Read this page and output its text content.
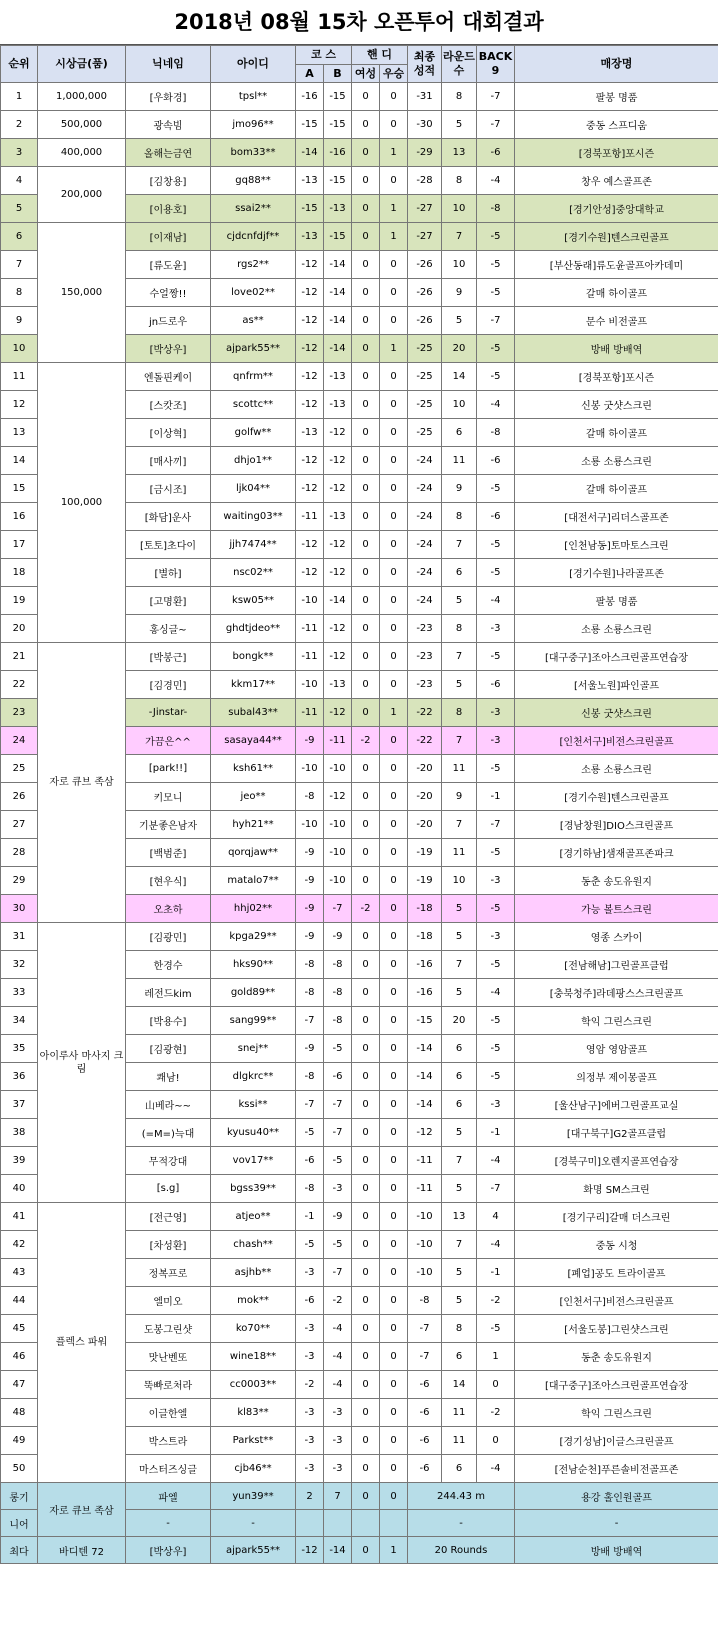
2018년 08월 15차 오픈투어 대회결과
순위	시상금(품)	닉네임	아이디	코 스		핸 디		최종 성적	라운드 수	BACK 9	매장명
				A	B	여성	우승				
1	1,000,000	[우화경]	tpsl**	-16	-15	0	0	-31	8	-7	팔봉 명품
2	500,000	광속빔	jmo96**	-15	-15	0	0	-30	5	-7	중동 스프디움
3	400,000	올해는금연	bom33**	-14	-16	0	1	-29	13	-6	[경북포항]포시즌
4	200,000	[김창용]	gq88**	-13	-15	0	0	-28	8	-4	창우 예스골프존
5		[이용호]	ssai2**	-15	-13	0	1	-27	10	-8	[경기안성]중앙대학교
6	150,000	[이재남]	cjdcnfdjf**	-13	-15	0	1	-27	7	-5	[경기수원]텐스크린골프
7		[류도윤]	rgs2**	-12	-14	0	0	-26	10	-5	[부산동래]류도윤골프아카데미
8		수얼짱!!	love02**	-12	-14	0	0	-26	9	-5	갈매 하이골프
9		jn드로우	as**	-12	-14	0	0	-26	5	-7	문수 비전골프
10		[박상우]	ajpark55**	-12	-14	0	1	-25	20	-5	방배 방배역
11	100,000	엔돌핀케이	qnfrm**	-12	-13	0	0	-25	14	-5	[경북포항]포시즌
12		[스캇조]	scottc**	-12	-13	0	0	-25	10	-4	신봉 굿샷스크린
13		[이상혁]	golfw**	-13	-12	0	0	-25	6	-8	갈매 하이골프
14		[매사끼]	dhjo1**	-12	-12	0	0	-24	11	-6	소룡 소룡스크린
15		[금시조]	ljk04**	-12	-12	0	0	-24	9	-5	갈매 하이골프
16		[화담]운사	waiting03**	-11	-13	0	0	-24	8	-6	[대전서구]리더스골프존
17		[토토]초다이	jjh7474**	-12	-12	0	0	-24	7	-5	[인천남동]토마토스크린
18		[별하]	nsc02**	-12	-12	0	0	-24	6	-5	[경기수원]나라골프존
19		[고명환]	ksw05**	-10	-14	0	0	-24	5	-4	팔봉 명품
20		홍싱글~	ghdtjdeo**	-11	-12	0	0	-23	8	-3	소룡 소룡스크린
21	자로 큐브 족삼	[박봉근]	bongk**	-11	-12	0	0	-23	7	-5	[대구중구]조아스크린골프연습장
22		[김경민]	kkm17**	-10	-13	0	0	-23	5	-6	[서울노원]파인골프
23		-Jinstar-	subal43**	-11	-12	0	1	-22	8	-3	신봉 굿샷스크린
24		가끔은^^	sasaya44**	-9	-11	-2	0	-22	7	-3	[인천서구]비전스크린골프
25		[park!!]	ksh61**	-10	-10	0	0	-20	11	-5	소룡 소룡스크린
26		키모니	jeo**	-8	-12	0	0	-20	9	-1	[경기수원]텐스크린골프
27		기분좋은남자	hyh21**	-10	-10	0	0	-20	7	-7	[경남창원]DIO스크린골프
28		[백범준]	qorqjaw**	-9	-10	0	0	-19	11	-5	[경기하남]샘재골프존파크
29		[현우식]	matalo7**	-9	-10	0	0	-19	10	-3	동춘 송도유원지
30		오초하	hhj02**	-9	-7	-2	0	-18	5	-5	가능 볼트스크린
31	아이루사 마사지 크림	[김광민]	kpga29**	-9	-9	0	0	-18	5	-3	영종 스카이
32		한경수	hks90**	-8	-8	0	0	-16	7	-5	[전남해남]그린골프클럽
33		레전드kim	gold89**	-8	-8	0	0	-16	5	-4	[충북청주]라데팡스스크린골프
34		[박용수]	sang99**	-7	-8	0	0	-15	20	-5	학익 그린스크린
35		[김광현]	snej**	-9	-5	0	0	-14	6	-5	영암 영암골프
36		쾌남!	dlgkrc**	-8	-6	0	0	-14	6	-5	의정부 제이몽골프
37		山베라~~	kssi**	-7	-7	0	0	-14	6	-3	[울산남구]에버그린골프교실
38		(=M=)늑대	kyusu40**	-5	-7	0	0	-12	5	-1	[대구북구]G2골프클럽
39		무적강대	vov17**	-6	-5	0	0	-11	7	-4	[경북구미]오렌지골프연습장
40		[s.g]	bgss39**	-8	-3	0	0	-11	5	-7	화명 SM스크린
41	플렉스 파워	[전근영]	atjeo**	-1	-9	0	0	-10	13	4	[경기구리]갈매 더스크린
42		[차성환]	chash**	-5	-5	0	0	-10	7	-4	중동 시청
43		정복프로	asjhb**	-3	-7	0	0	-10	5	-1	[폐업]공도 트라이골프
44		엘미오	mok**	-6	-2	0	0	-8	5	-2	[인천서구]비전스크린골프
45		도봉그린샷	ko70**	-3	-4	0	0	-7	8	-5	[서울도봉]그린샷스크린
46		맛난벤또	wine18**	-3	-4	0	0	-7	6	1	동춘 송도유원지
47		뚝빠로처라	cc0003**	-2	-4	0	0	-6	14	0	[대구중구]조아스크린골프연습장
48		이글한엘	kl83**	-3	-3	0	0	-6	11	-2	학익 그린스크린
49		박스트라	Parkst**	-3	-3	0	0	-6	11	0	[경기성남]이글스크린골프
50		마스터즈싱글	cjb46**	-3	-3	0	0	-6	6	-4	[전남순천]푸른솔비전골프존
롱기	자로 큐브 족삼	파엘	yun39**	2	7	0	0	244.43 m			용강 홀인원골프
니어		-	-					-			-
최다	바디텐 72	[박상우]	ajpark55**	-12	-14	0	1	20 Rounds			방배 방배역
